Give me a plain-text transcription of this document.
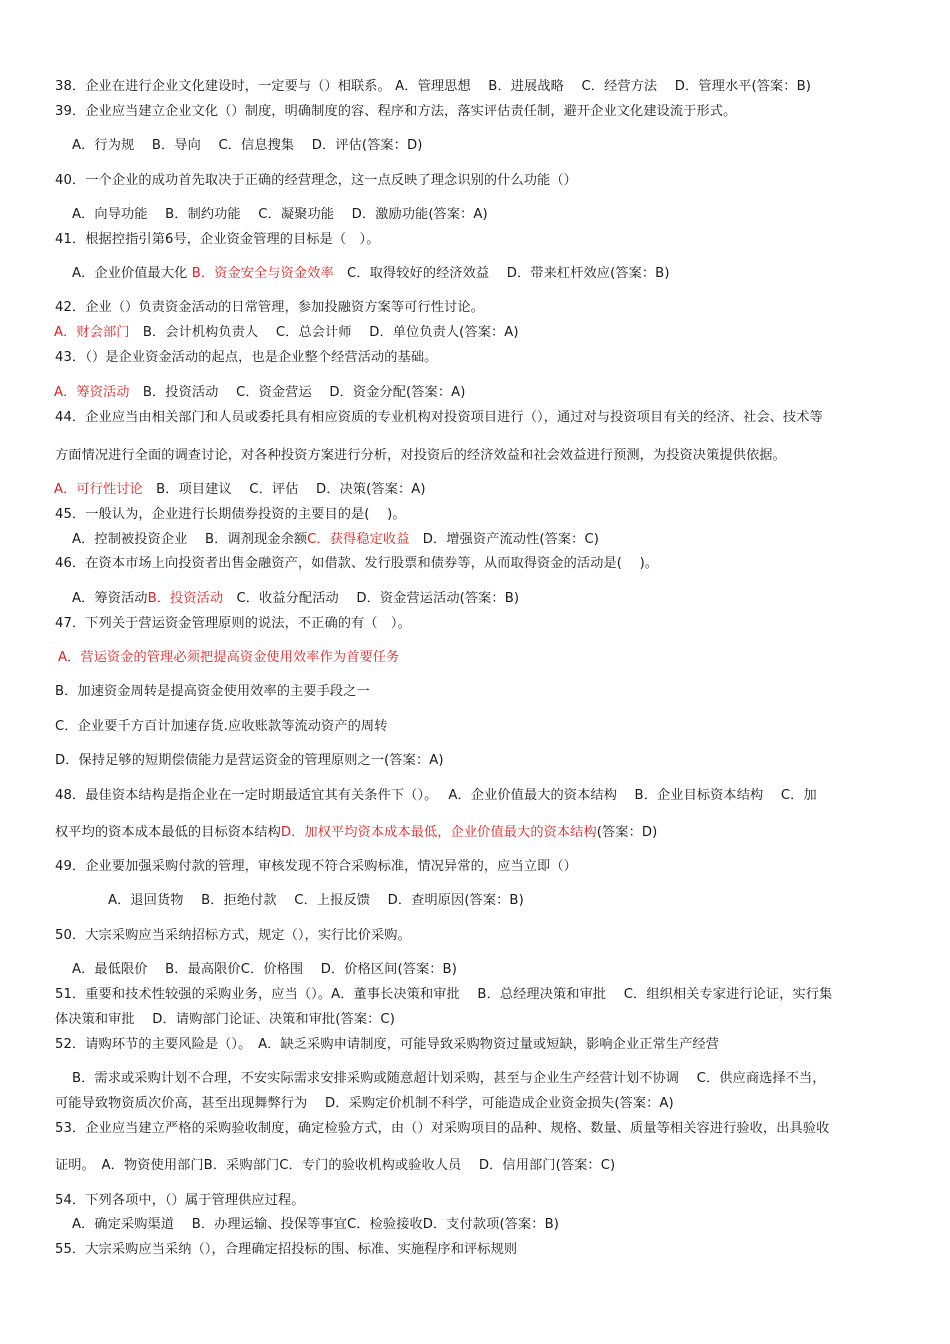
38．企业在进行企业文化建设时，一定要与（）相联系。 A．管理思想　 B．进展战略　 C．经营方法　 D．管理水平(答案：B)
39．企业应当建立企业文化（）制度，明确制度的容、程序和方法，落实评估责任制，避开企业文化建设流于形式。
A．行为规　 B．导向　 C．信息搜集　 D．评估(答案：D)
40．一个企业的成功首先取决于正确的经营理念，这一点反映了理念识别的什么功能（）
A．向导功能　 B．制约功能　 C．凝聚功能　 D．激励功能(答案：A)
41．根据控指引第6号，企业资金管理的目标是（　）。
A．企业价值最大化 B．资金安全与资金效率　C．取得较好的经济效益　 D．带来杠杆效应(答案：B)
42．企业（）负责资金活动的日常管理，参加投融资方案等可行性讨论。
A．财会部门　B．会计机构负责人　 C．总会计师　 D．单位负责人(答案：A)
43．（）是企业资金活动的起点，也是企业整个经营活动的基础。
A．筹资活动　B．投资活动　 C．资金营运　 D．资金分配(答案：A)
44．企业应当由相关部门和人员或委托具有相应资质的专业机构对投资项目进行（），通过对与投资项目有关的经济、社会、技术等
方面情况进行全面的调查讨论，对各种投资方案进行分析，对投资后的经济效益和社会效益进行预测，为投资决策提供依据。
A．可行性讨论　B．项目建议　 C．评估　 D．决策(答案：A)
45．一般认为，企业进行长期债券投资的主要目的是(　 )。
A．控制被投资企业　 B．调剂现金余额C．获得稳定收益　D．增强资产流动性(答案：C)
46．在资本市场上向投资者出售金融资产，如借款、发行股票和债券等，从而取得资金的活动是(　 )。
A．筹资活动B．投资活动　C．收益分配活动　 D．资金营运活动(答案：B)
47．下列关于营运资金管理原则的说法，不正确的有（　）。
A．营运资金的管理必须把提高资金使用效率作为首要任务
B．加速资金周转是提高资金使用效率的主要手段之一
C．企业要千方百计加速存货.应收账款等流动资产的周转
D．保持足够的短期偿债能力是营运资金的管理原则之一(答案：A)
48．最佳资本结构是指企业在一定时期最适宜其有关条件下（）。　 A．企业价值最大的资本结构　 B．企业目标资本结构　 C．加
权平均的资本成本最低的目标资本结构D．加权平均资本成本最低，企业价值最大的资本结构(答案：D)
49．企业要加强采购付款的管理，审核发现不符合采购标准，情况异常的，应当立即（）
A．退回货物　 B．拒绝付款　 C．上报反馈　 D．查明原因(答案：B)
50．大宗采购应当采纳招标方式，规定（），实行比价采购。
A．最低限价　 B．最高限价C．价格围　 D．价格区间(答案：B)
51．重要和技术性较强的采购业务，应当（）。A．董事长决策和审批　 B．总经理决策和审批　 C．组织相关专家进行论证，实行集
体决策和审批　 D．请购部门论证、决策和审批(答案：C)
52．请购环节的主要风险是（）。　A．缺乏采购申请制度，可能导致采购物资过量或短缺，影响企业正常生产经营
B．需求或采购计划不合理，不安实际需求安排采购或随意超计划采购，甚至与企业生产经营计划不协调　 C．供应商选择不当，
可能导致物资质次价高，甚至出现舞弊行为　 D．采购定价机制不科学，可能造成企业资金损失(答案：A)
53．企业应当建立严格的采购验收制度，确定检验方式，由（）对采购项目的品种、规格、数量、质量等相关容进行验收，出具验收
证明。　A．物资使用部门B．采购部门C．专门的验收机构或验收人员　 D．信用部门(答案：C)
54．下列各项中，（）属于管理供应过程。
A．确定采购渠道　 B．办理运输、投保等事宜C．检验接收D．支付款项(答案：B)
55．大宗采购应当采纳（），合理确定招投标的围、标准、实施程序和评标规则
